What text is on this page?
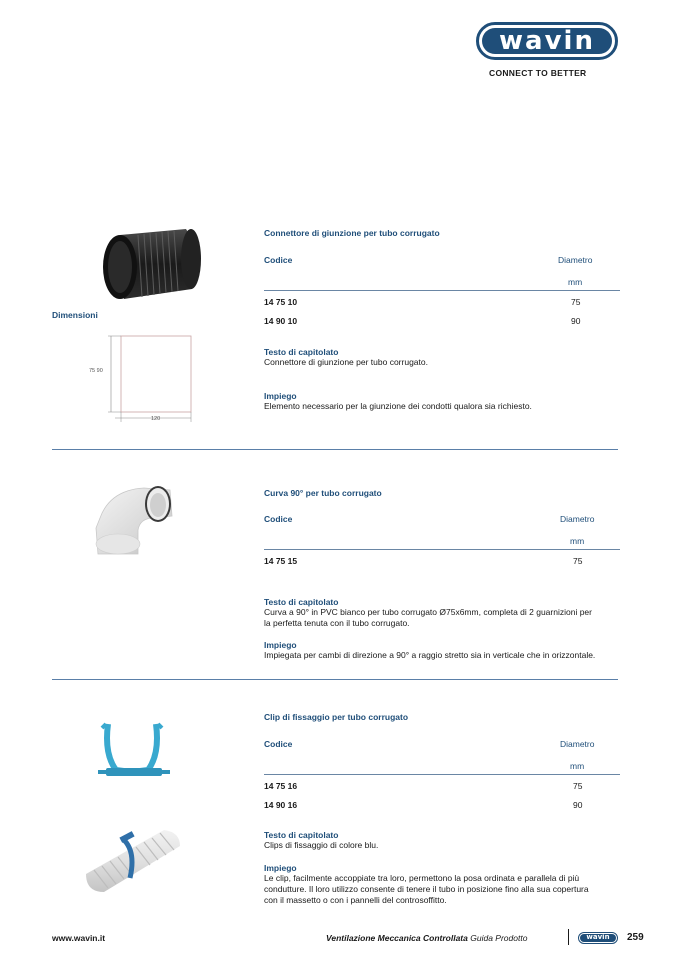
wavin
CONNECT TO BETTER
Dimensioni
75 90
120
Connettore di giunzione per tubo corrugato
Codice	Diametro
mm
14 75 10	75
14 90 10	90
Testo di capitolato
Connettore di giunzione per tubo corrugato.
Impiego
Elemento necessario per la giunzione dei condotti qualora sia richiesto.
Curva 90° per tubo corrugato
Codice	Diametro
mm
14 75 15	75
Testo di capitolato
Curva a 90° in PVC bianco per tubo corrugato Ø75x6mm, completa di 2 guarnizioni per
la perfetta tenuta con il tubo corrugato.
Impiego
Impiegata per cambi di direzione a 90° a raggio stretto sia in verticale che in orizzontale.
Clip di fissaggio per tubo corrugato
Codice	Diametro
mm
14 75 16	75
14 90 16	90
Testo di capitolato
Clips di fissaggio di colore blu.
Impiego
Le clip, facilmente accoppiate tra loro, permettono la posa ordinata e parallela di più
condutture. Il loro utilizzo consente di tenere il tubo in posizione fino alla sua copertura
con il massetto o con i pannelli del controsoffitto.
www.wavin.it	Ventilazione Meccanica Controllata Guida Prodotto	wavin	259
